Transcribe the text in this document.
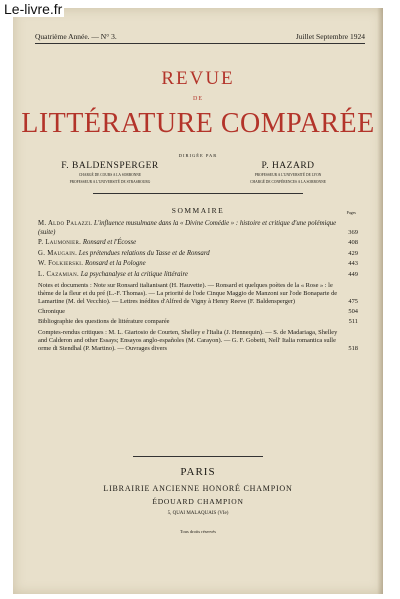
Le-livre.fr
Quatrième Année. — N° 3.	Juillet Septembre 1924
REVUE
DE
LITTÉRATURE COMPARÉE
DIRIGÉE PAR
F. BALDENSPERGER
CHARGÉ DE COURS A LA SORBONNE
PROFESSEUR A L'UNIVERSITÉ DE STRASBOURG
P. HAZARD
PROFESSEUR A L'UNIVERSITÉ DE LYON
CHARGÉ DE CONFÉRENCES A LA SORBONNE
SOMMAIRE	Pages
M. Aldo Palazzi. L'influence musulmane dans la « Divine Comédie » : histoire et critique d'une polémique (suite)	369
P. Laumonier. Ronsard et l'Écosse	408
G. Maugain. Les prétendues relations du Tasse et de Ronsard	429
W. Folkierski. Ronsard et la Pologne	443
L. Cazamian. La psychanalyse et la critique littéraire	449
Notes et documents : Note sur Ronsard italianisant (H. Hauvette). — Ronsard et quelques poètes de la « Rose » : le thème de la fleur et du pré (L.-F. Thomas). — La priorité de l'ode Cinque Maggio de Manzoni sur l'ode Bonaparte de Lamartine (M. del Vecchio). — Lettres inédites d'Alfred de Vigny à Henry Reeve (F. Baldensperger)	475
Chronique	504
Bibliographie des questions de littérature comparée	511
Comptes-rendus critiques : M. L. Giartosio de Courten, Shelley e l'Italia (J. Hennequin). — S. de Madariaga, Shelley and Calderon and other Essays; Ensayos anglo-españoles (M. Carayon). — G. F. Gobetti, Nell' Italia romantica sulle orme di Stendhal (P. Martino). — Ouvrages divers	518
PARIS
LIBRAIRIE ANCIENNE HONORÉ CHAMPION
ÉDOUARD CHAMPION
5, QUAI MALAQUAIS (VIe)
Tous droits réservés
